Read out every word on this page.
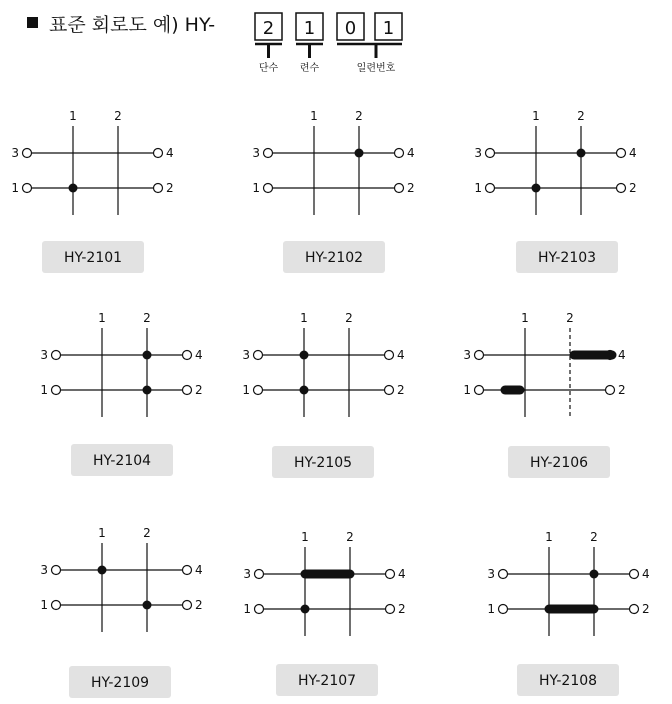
표준 회로도 예) HY-	2 1 0 1
단수 련수	일련번호
1	2
3
1
4
2
HY-2101
1	2
3
1
4
2
HY-2102
1	2
3
1
4
2
HY-2103
1	2
3
1
4
2
HY-2104
1	2
3
1
4
2
HY-2105
1	2
3
1
4
2
HY-2106
1	2
3
1
4
2
HY-2109
1	2
3
1
4
2
HY-2107
1	2
3
1
4
2
HY-2108
